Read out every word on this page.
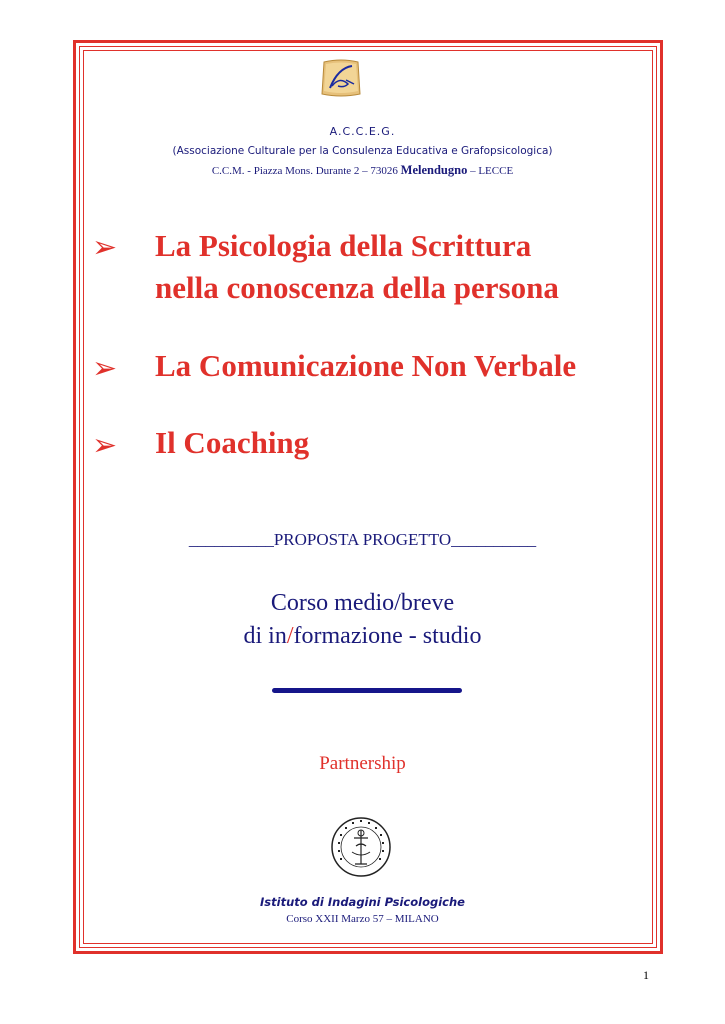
A.C.C.E.G.
(Associazione Culturale per la Consulenza Educativa e Grafopsicologica)
C.C.M. - Piazza Mons. Durante 2 – 73026 Melendugno – LECCE
➢ La Psicologia della Scrittura
nella conoscenza della persona
➢ La Comunicazione Non Verbale
➢ Il Coaching
__________PROPOSTA PROGETTO__________
Corso medio/breve
di in/formazione - studio
Partnership
Istituto di Indagini Psicologiche
Corso XXII Marzo 57 – MILANO
1
